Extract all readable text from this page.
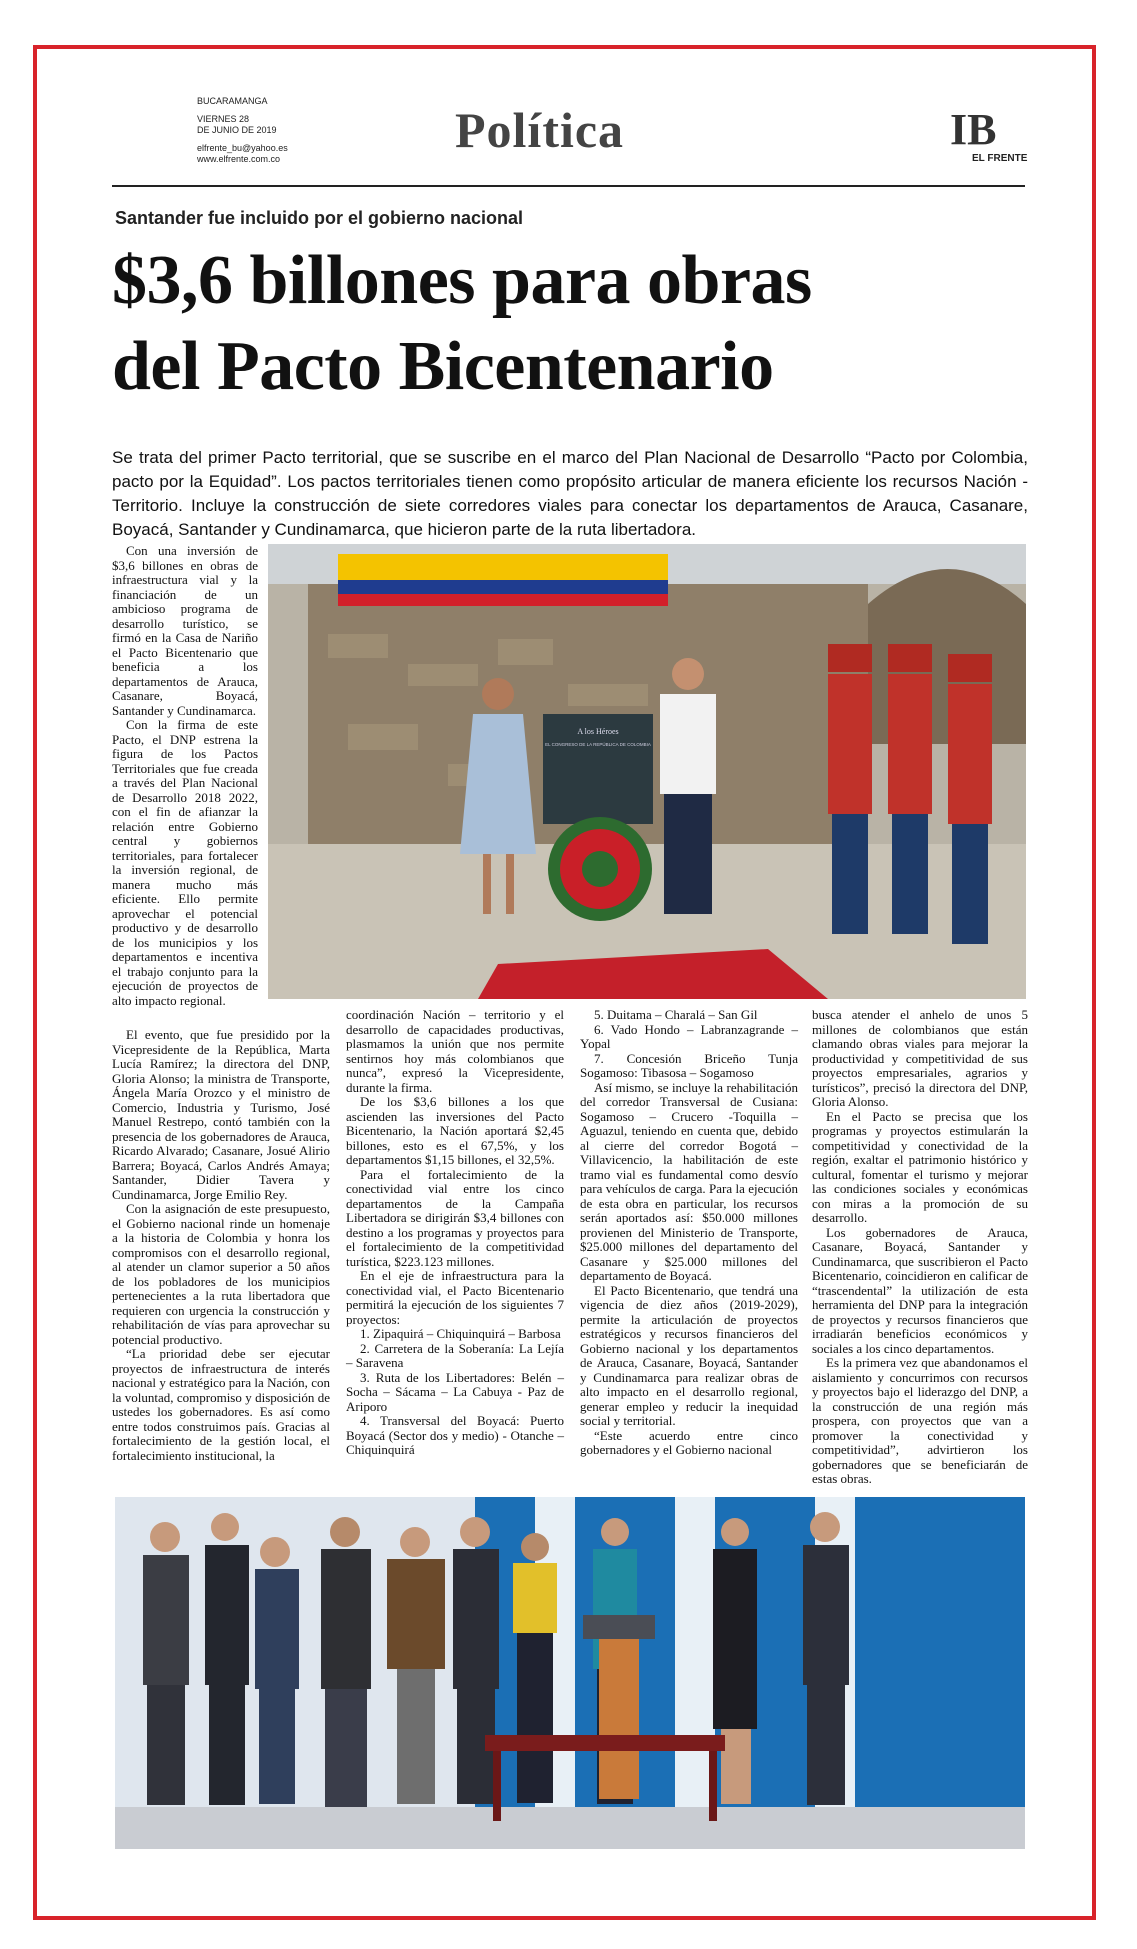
BUCARAMANGA
VIERNES 28
DE JUNIO DE 2019
elfrente_bu@yahoo.es
www.elfrente.com.co
Política	IB
EL FRENTE
Santander fue incluido por el gobierno nacional
$3,6 billones para obras
del Pacto Bicentenario
Se trata del primer Pacto territorial, que se suscribe en el marco del Plan Nacional de Desarrollo “Pacto por Colombia, pacto por la Equidad”. Los pactos territoriales tienen como propósito articular de manera eficiente los recursos Nación - Territorio. Incluye la construcción de siete corredores viales para conectar los departamentos de Arauca, Casanare, Boyacá, Santander y Cundinamarca, que hicieron parte de la ruta libertadora.
A los Héroes
EL CONGRESO DE LA REPÚBLICA DE COLOMBIA

Con una inversión de $3,6 billones en obras de infraestructura vial y la financiación de un ambicioso programa de desarrollo turístico, se firmó en la Casa de Nariño el Pacto Bicentenario que beneficia a los departamentos de Arauca, Casanare, Boyacá, Santander y Cundinamarca.

Con la firma de este Pacto, el DNP estrena la figura de los Pactos Territoriales que fue creada a través del Plan Nacional de Desarrollo 2018 2022, con el fin de afianzar la relación entre Gobierno central y gobiernos territoriales, para fortalecer la inversión regional, de manera mucho más eficiente. Ello permite aprovechar el potencial productivo y de desarrollo de los municipios y los departamentos e incentiva el trabajo conjunto para la ejecución de proyectos de alto impacto regional.

El evento, que fue presidido por la Vicepresidente de la República, Marta Lucía Ramírez; la directora del DNP, Gloria Alonso; la ministra de Transporte, Ángela María Orozco y el ministro de Comercio, Industria y Turismo, José Manuel Restrepo, contó también con la presencia de los gobernadores de Arauca, Ricardo Alvarado; Casanare, Josué Alirio Barrera; Boyacá, Carlos Andrés Amaya; Santander, Didier Tavera y Cundinamarca, Jorge Emilio Rey.

Con la asignación de este presupuesto, el Gobierno nacional rinde un homenaje a la historia de Colombia y honra los compromisos con el desarrollo regional, al atender un clamor superior a 50 años de los pobladores de los municipios pertenecientes a la ruta libertadora que requieren con urgencia la construcción y rehabilitación de vías para aprovechar su potencial productivo.

“La prioridad debe ser ejecutar proyectos de infraestructura de interés nacional y estratégico para la Nación, con la voluntad, compromiso y disposición de ustedes los gobernadores. Es así como entre todos construimos país. Gracias al fortalecimiento de la gestión local, el fortalecimiento institucional, la

coordinación Nación – territorio y el desarrollo de capacidades productivas, plasmamos la unión que nos permite sentirnos hoy más colombianos que nunca”, expresó la Vicepresidente, durante la firma.

De los $3,6 billones a los que ascienden las inversiones del Pacto Bicentenario, la Nación aportará $2,45 billones, esto es el 67,5%, y los departamentos $1,15 billones, el 32,5%.

Para el fortalecimiento de la conectividad vial entre los cinco departamentos de la Campaña Libertadora se dirigirán $3,4 billones con destino a los programas y proyectos para el fortalecimiento de la competitividad turística, $223.123 millones.

En el eje de infraestructura para la conectividad vial, el Pacto Bicentenario permitirá la ejecución de los siguientes 7 proyectos:

1. Zipaquirá – Chiquinquirá – Barbosa

2. Carretera de la Soberanía: La Lejía – Saravena

3. Ruta de los Libertadores: Belén – Socha – Sácama – La Cabuya - Paz de Ariporo

4. Transversal del Boyacá: Puerto Boyacá (Sector dos y medio) - Otanche – Chiquinquirá

5. Duitama – Charalá – San Gil

6. Vado Hondo – Labranzagrande – Yopal

7. Concesión Briceño Tunja Sogamoso: Tibasosa – Sogamoso

Así mismo, se incluye la rehabilitación del corredor Transversal de Cusiana: Sogamoso – Crucero -Toquilla – Aguazul, teniendo en cuenta que, debido al cierre del corredor Bogotá – Villavicencio, la habilitación de este tramo vial es fundamental como desvío para vehículos de carga. Para la ejecución de esta obra en particular, los recursos serán aportados así: $50.000 millones provienen del Ministerio de Transporte, $25.000 millones del departamento del Casanare y $25.000 millones del departamento de Boyacá.

El Pacto Bicentenario, que tendrá una vigencia de diez años (2019-2029), permite la articulación de proyectos estratégicos y recursos financieros del Gobierno nacional y los departamentos de Arauca, Casanare, Boyacá, Santander y Cundinamarca para realizar obras de alto impacto en el desarrollo regional, generar empleo y reducir la inequidad social y territorial.

“Este acuerdo entre cinco gobernadores y el Gobierno nacional

busca atender el anhelo de unos 5 millones de colombianos que están clamando obras viales para mejorar la productividad y competitividad de sus proyectos empresariales, agrarios y turísticos”, precisó la directora del DNP, Gloria Alonso.

En el Pacto se precisa que los programas y proyectos estimularán la competitividad y conectividad de la región, exaltar el patrimonio histórico y cultural, fomentar el turismo y mejorar las condiciones sociales y económicas con miras a la promoción de su desarrollo.

Los gobernadores de Arauca, Casanare, Boyacá, Santander y Cundinamarca, que suscribieron el Pacto Bicentenario, coincidieron en calificar de “trascendental” la utilización de esta herramienta del DNP para la integración de proyectos y recursos financieros que irradiarán beneficios económicos y sociales a los cinco departamentos.

Es la primera vez que abandonamos el aislamiento y concurrimos con recursos y proyectos bajo el liderazgo del DNP, a la construcción de una región más prospera, con proyectos que van a promover la conectividad y competitividad”, advirtieron los gobernadores que se beneficiarán de estas obras.
